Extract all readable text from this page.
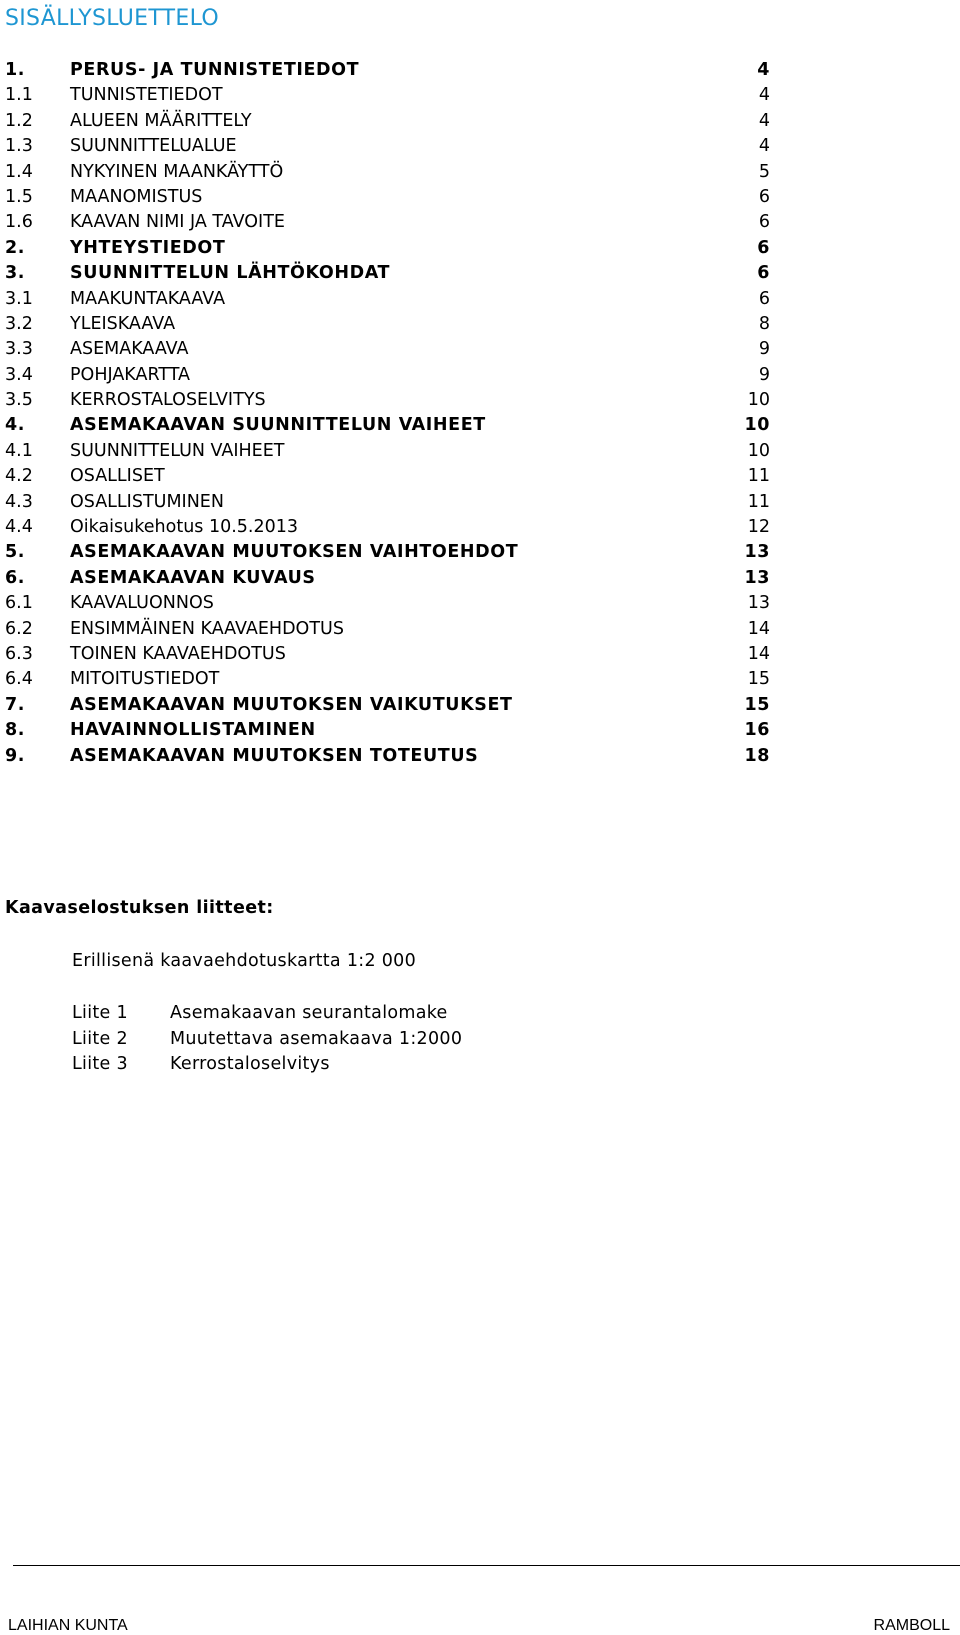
SISÄLLYSLUETTELO
1.	PERUS- JA TUNNISTETIEDOT	4
1.1 TUNNISTETIEDOT	4
1.2 ALUEEN MÄÄRITTELY	4
1.3 SUUNNITTELUALUE	4
1.4 NYKYINEN MAANKÄYTTÖ	5
1.5 MAANOMISTUS	6
1.6 KAAVAN NIMI JA TAVOITE	6
2.	YHTEYSTIEDOT	6
3.	SUUNNITTELUN LÄHTÖKOHDAT	6
3.1 MAAKUNTAKAAVA	6
3.2 YLEISKAAVA	8
3.3 ASEMAKAAVA	9
3.4 POHJAKARTTA	9
3.5 KERROSTALOSELVITYS	10
4.	ASEMAKAAVAN SUUNNITTELUN VAIHEET	10
4.1 SUUNNITTELUN VAIHEET	10
4.2 OSALLISET	11
4.3 OSALLISTUMINEN	11
4.4 Oikaisukehotus 10.5.2013	12
5.	ASEMAKAAVAN MUUTOKSEN VAIHTOEHDOT	13
6.	ASEMAKAAVAN KUVAUS	13
6.1 KAAVALUONNOS	13
6.2 ENSIMMÄINEN KAAVAEHDOTUS	14
6.3 TOINEN KAAVAEHDOTUS	14
6.4 MITOITUSTIEDOT	15
7.	ASEMAKAAVAN MUUTOKSEN VAIKUTUKSET	15
8.	HAVAINNOLLISTAMINEN	16
9.	ASEMAKAAVAN MUUTOKSEN TOTEUTUS	18
Kaavaselostuksen liitteet:
Erillisenä kaavaehdotuskartta 1:2 000
Liite 1 Asemakaavan seurantalomake
Liite 2 Muutettava asemakaava 1:2000
Liite 3 Kerrostaloselvitys
LAIHIAN KUNTA	RAMBOLL
